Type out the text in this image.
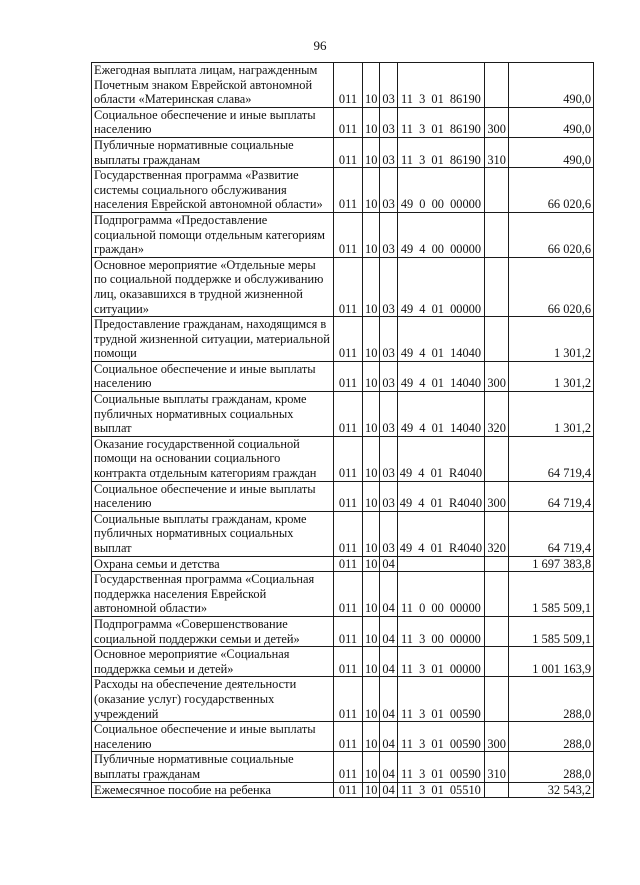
96
Ежегодная выплата лицам, награжденным Почетным знаком Еврейской автономной области «Материнская слава»	011	10	03	11 3 01 86190		490,0
Социальное обеспечение и иные выплаты населению	011	10	03	11 3 01 86190	300	490,0
Публичные нормативные социальные выплаты гражданам	011	10	03	11 3 01 86190	310	490,0
Государственная программа «Развитие системы социального обслуживания населения Еврейской автономной области»	011	10	03	49 0 00 00000		66 020,6
Подпрограмма «Предоставление социальной помощи отдельным категориям граждан»	011	10	03	49 4 00 00000		66 020,6
Основное мероприятие «Отдельные меры по социальной поддержке и обслуживанию лиц, оказавшихся в трудной жизненной ситуации»	011	10	03	49 4 01 00000		66 020,6
Предоставление гражданам, находящимся в трудной жизненной ситуации, материальной помощи	011	10	03	49 4 01 14040		1 301,2
Социальное обеспечение и иные выплаты населению	011	10	03	49 4 01 14040	300	1 301,2
Социальные выплаты гражданам, кроме публичных нормативных социальных выплат	011	10	03	49 4 01 14040	320	1 301,2
Оказание государственной социальной помощи на основании социального контракта отдельным категориям граждан	011	10	03	49 4 01 R4040		64 719,4
Социальное обеспечение и иные выплаты населению	011	10	03	49 4 01 R4040	300	64 719,4
Социальные выплаты гражданам, кроме публичных нормативных социальных выплат	011	10	03	49 4 01 R4040	320	64 719,4
Охрана семьи и детства	011	10	04			1 697 383,8
Государственная программа «Социальная поддержка населения Еврейской автономной области»	011	10	04	11 0 00 00000		1 585 509,1
Подпрограмма «Совершенствование социальной поддержки семьи и детей»	011	10	04	11 3 00 00000		1 585 509,1
Основное мероприятие «Социальная поддержка семьи и детей»	011	10	04	11 3 01 00000		1 001 163,9
Расходы на обеспечение деятельности (оказание услуг) государственных учреждений	011	10	04	11 3 01 00590		288,0
Социальное обеспечение и иные выплаты населению	011	10	04	11 3 01 00590	300	288,0
Публичные нормативные социальные выплаты гражданам	011	10	04	11 3 01 00590	310	288,0
Ежемесячное пособие на ребенка	011	10	04	11 3 01 05510		32 543,2
